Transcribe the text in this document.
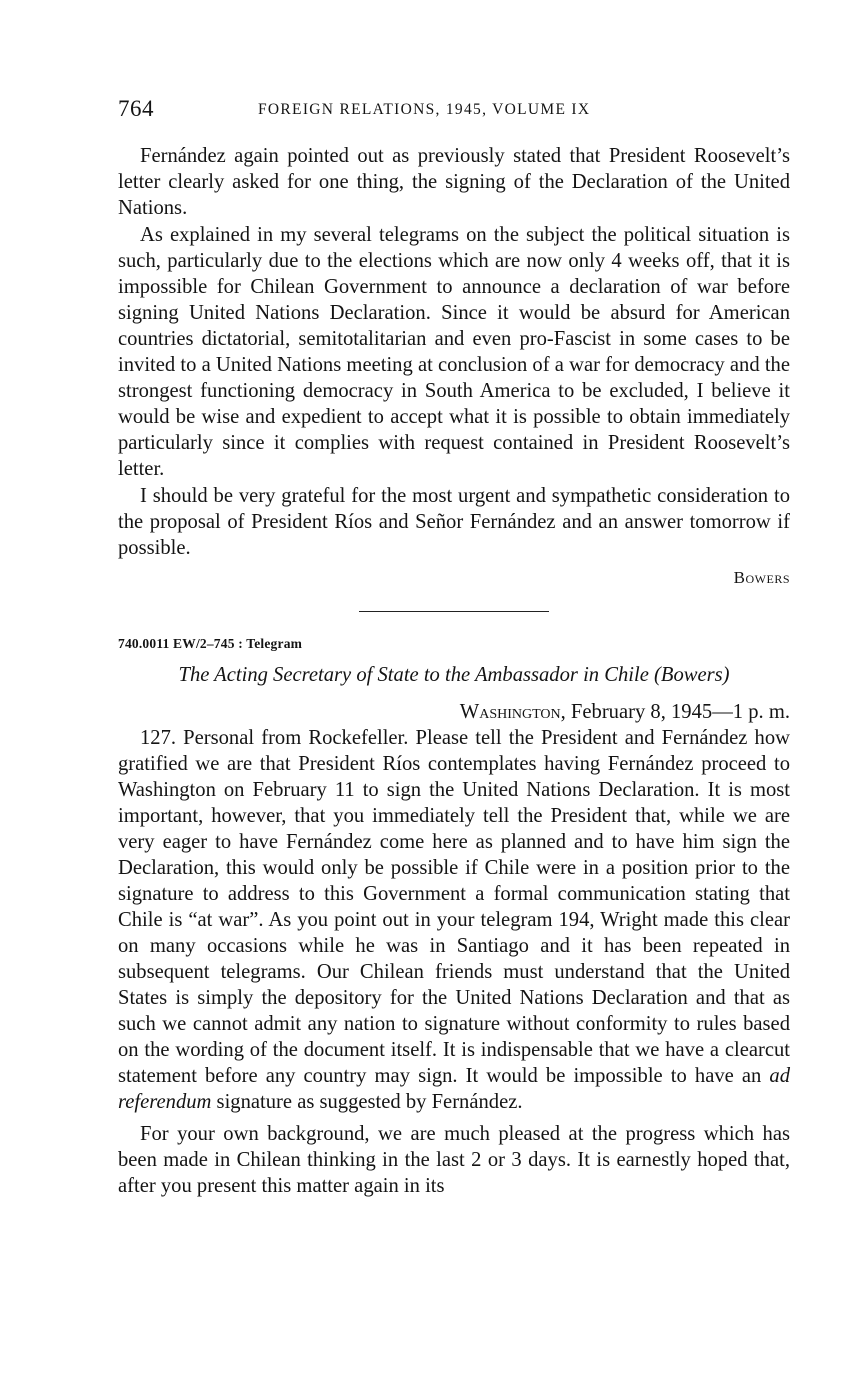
764	FOREIGN RELATIONS, 1945, VOLUME IX

Fernández again pointed out as previously stated that President Roosevelt’s letter clearly asked for one thing, the signing of the Declaration of the United Nations.

As explained in my several telegrams on the subject the political situation is such, particularly due to the elections which are now only 4 weeks off, that it is impossible for Chilean Government to announce a declaration of war before signing United Nations Declaration. Since it would be absurd for American countries dictatorial, semitotalitarian and even pro-Fascist in some cases to be invited to a United Nations meeting at conclusion of a war for democracy and the strongest functioning democracy in South America to be excluded, I believe it would be wise and expedient to accept what it is possible to obtain immediately particularly since it complies with request contained in President Roosevelt’s letter.

I should be very grateful for the most urgent and sympathetic consideration to the proposal of President Ríos and Señor Fernández and an answer tomorrow if possible.

Bowers
740.0011 EW/2–745 : Telegram
The Acting Secretary of State to the Ambassador in Chile (Bowers)
Washington, February 8, 1945—1 p. m.

127. Personal from Rockefeller. Please tell the President and Fernández how gratified we are that President Ríos contemplates having Fernández proceed to Washington on February 11 to sign the United Nations Declaration. It is most important, however, that you immediately tell the President that, while we are very eager to have Fernández come here as planned and to have him sign the Declaration, this would only be possible if Chile were in a position prior to the signature to address to this Government a formal communication stating that Chile is “at war”. As you point out in your telegram 194, Wright made this clear on many occasions while he was in Santiago and it has been repeated in subsequent telegrams. Our Chilean friends must understand that the United States is simply the depository for the United Nations Declaration and that as such we cannot admit any nation to signature without conformity to rules based on the wording of the document itself. It is indispensable that we have a clearcut statement before any country may sign. It would be impossible to have an ad referendum signature as suggested by Fernández.

For your own background, we are much pleased at the progress which has been made in Chilean thinking in the last 2 or 3 days. It is earnestly hoped that, after you present this matter again in its
